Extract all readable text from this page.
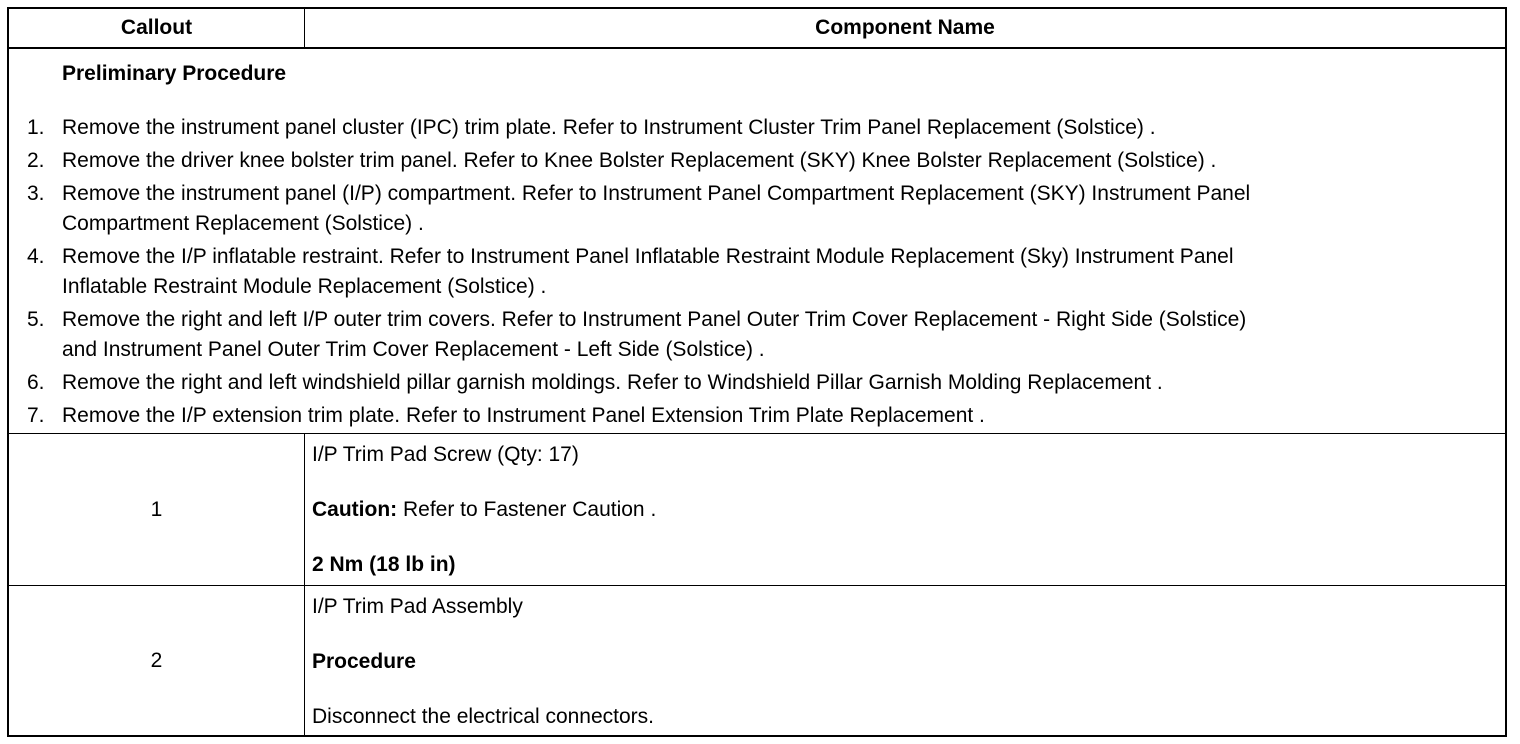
Callout	Component Name
Preliminary Procedure
1. Remove the instrument panel cluster (IPC) trim plate. Refer to Instrument Cluster Trim Panel Replacement (Solstice) .
2. Remove the driver knee bolster trim panel. Refer to Knee Bolster Replacement (SKY) Knee Bolster Replacement (Solstice) .
3. Remove the instrument panel (I/P) compartment. Refer to Instrument Panel Compartment Replacement (SKY) Instrument Panel
Compartment Replacement (Solstice) .
4. Remove the I/P inflatable restraint. Refer to Instrument Panel Inflatable Restraint Module Replacement (Sky) Instrument Panel
Inflatable Restraint Module Replacement (Solstice) .
5. Remove the right and left I/P outer trim covers. Refer to Instrument Panel Outer Trim Cover Replacement - Right Side (Solstice)
and Instrument Panel Outer Trim Cover Replacement - Left Side (Solstice) .
6. Remove the right and left windshield pillar garnish moldings. Refer to Windshield Pillar Garnish Molding Replacement .
7. Remove the I/P extension trim plate. Refer to Instrument Panel Extension Trim Plate Replacement .
1
I/P Trim Pad Screw (Qty: 17)
Caution: Refer to Fastener Caution .
2 Nm (18 lb in)
2
I/P Trim Pad Assembly
Procedure
Disconnect the electrical connectors.
